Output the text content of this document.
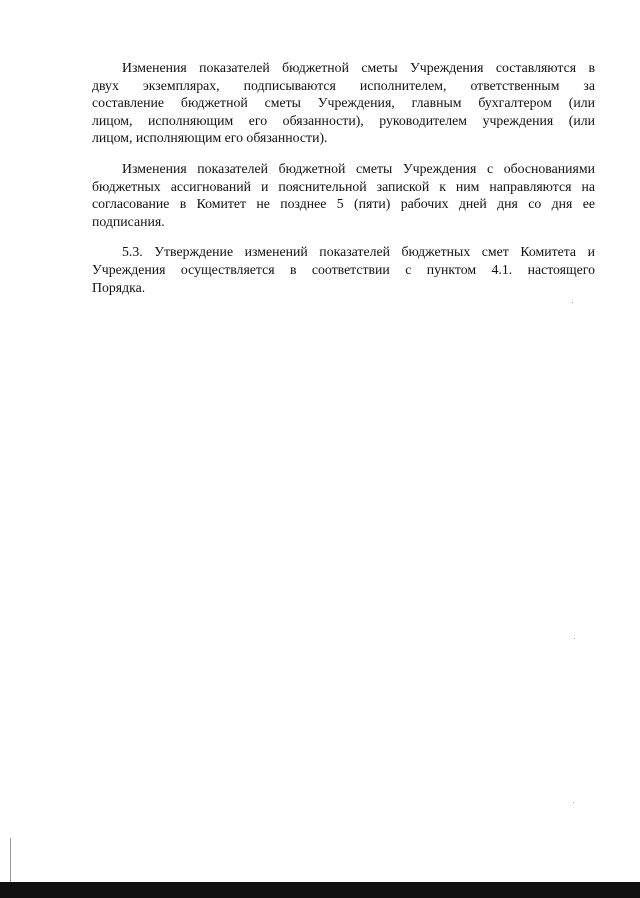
Изменения показателей бюджетной сметы Учреждения составляются в
двух экземплярах, подписываются исполнителем, ответственным за
составление бюджетной сметы Учреждения, главным бухгалтером (или
лицом, исполняющим его обязанности), руководителем учреждения (или
лицом, исполняющим его обязанности).

Изменения показателей бюджетной сметы Учреждения с обоснованиями
бюджетных ассигнований и пояснительной запиской к ним направляются на
согласование в Комитет не позднее 5 (пяти) рабочих дней дня со дня ее
подписания.

5.3. Утверждение изменений показателей бюджетных смет Комитета и
Учреждения осуществляется в соответствии с пунктом 4.1. настоящего
Порядка.
